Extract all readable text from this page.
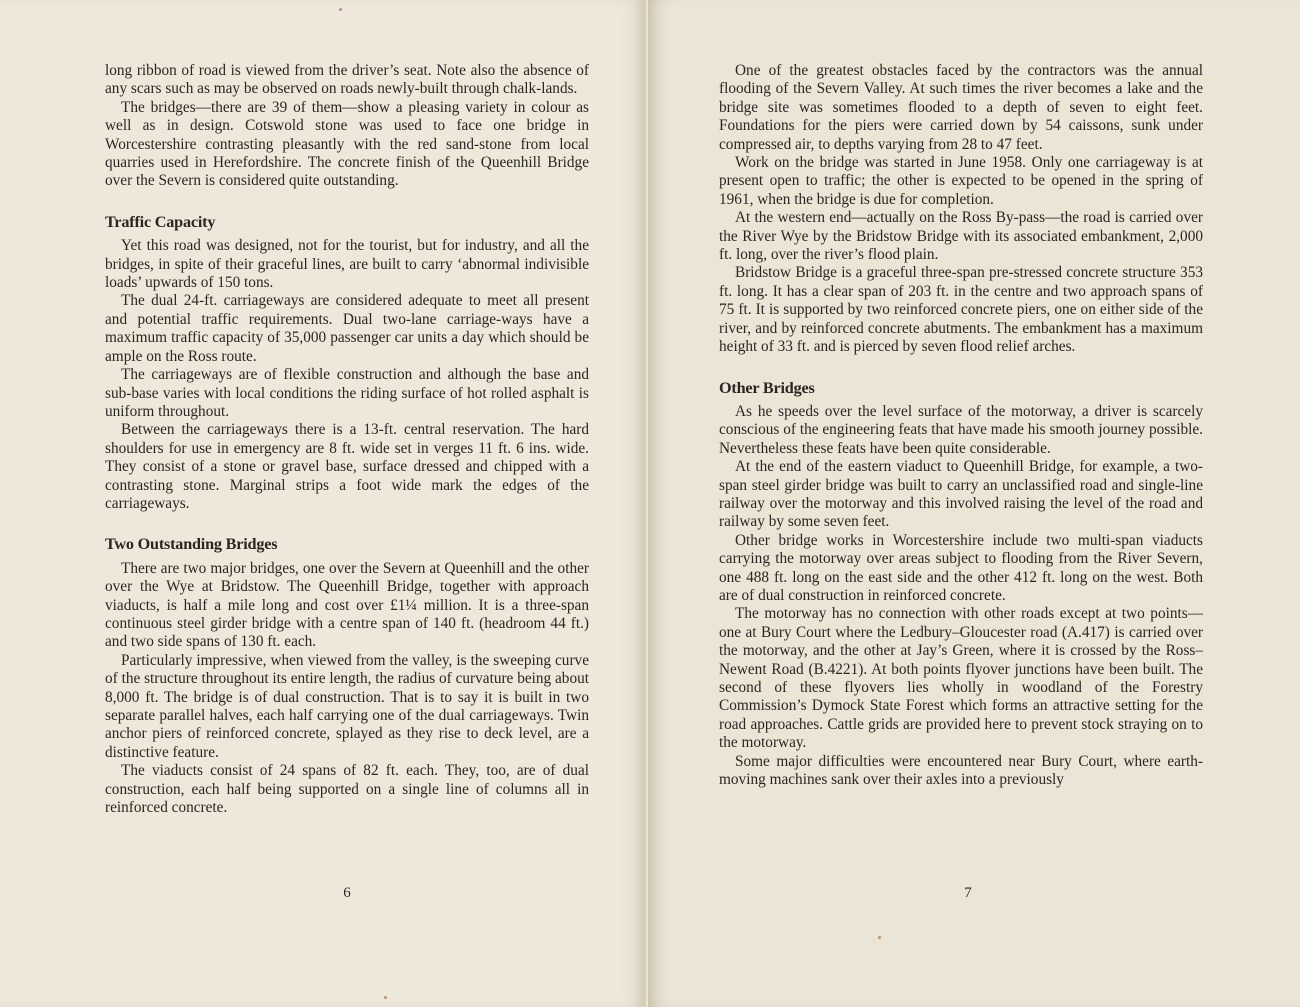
long ribbon of road is viewed from the driver’s seat. Note also the absence of any scars such as may be observed on roads newly-built through chalk-lands.

The bridges—there are 39 of them—show a pleasing variety in colour as well as in design. Cotswold stone was used to face one bridge in Worcestershire contrasting pleasantly with the red sand-stone from local quarries used in Herefordshire. The concrete finish of the Queenhill Bridge over the Severn is considered quite outstanding.

Traffic Capacity

Yet this road was designed, not for the tourist, but for industry, and all the bridges, in spite of their graceful lines, are built to carry ‘abnormal indivisible loads’ upwards of 150 tons.

The dual 24-ft. carriageways are considered adequate to meet all present and potential traffic requirements. Dual two-lane carriage-ways have a maximum traffic capacity of 35,000 passenger car units a day which should be ample on the Ross route.

The carriageways are of flexible construction and although the base and sub-base varies with local conditions the riding surface of hot rolled asphalt is uniform throughout.

Between the carriageways there is a 13-ft. central reservation. The hard shoulders for use in emergency are 8 ft. wide set in verges 11 ft. 6 ins. wide. They consist of a stone or gravel base, surface dressed and chipped with a contrasting stone. Marginal strips a foot wide mark the edges of the carriageways.

Two Outstanding Bridges

There are two major bridges, one over the Severn at Queenhill and the other over the Wye at Bridstow. The Queenhill Bridge, together with approach viaducts, is half a mile long and cost over £1¼ million. It is a three-span continuous steel girder bridge with a centre span of 140 ft. (headroom 44 ft.) and two side spans of 130 ft. each.

Particularly impressive, when viewed from the valley, is the sweeping curve of the structure throughout its entire length, the radius of curvature being about 8,000 ft. The bridge is of dual construction. That is to say it is built in two separate parallel halves, each half carrying one of the dual carriageways. Twin anchor piers of reinforced concrete, splayed as they rise to deck level, are a distinctive feature.

The viaducts consist of 24 spans of 82 ft. each. They, too, are of dual construction, each half being supported on a single line of columns all in reinforced concrete.

6

One of the greatest obstacles faced by the contractors was the annual flooding of the Severn Valley. At such times the river becomes a lake and the bridge site was sometimes flooded to a depth of seven to eight feet. Foundations for the piers were carried down by 54 caissons, sunk under compressed air, to depths varying from 28 to 47 feet.

Work on the bridge was started in June 1958. Only one carriageway is at present open to traffic; the other is expected to be opened in the spring of 1961, when the bridge is due for completion.

At the western end—actually on the Ross By-pass—the road is carried over the River Wye by the Bridstow Bridge with its associated embankment, 2,000 ft. long, over the river’s flood plain.

Bridstow Bridge is a graceful three-span pre-stressed concrete structure 353 ft. long. It has a clear span of 203 ft. in the centre and two approach spans of 75 ft. It is supported by two reinforced concrete piers, one on either side of the river, and by reinforced concrete abutments. The embankment has a maximum height of 33 ft. and is pierced by seven flood relief arches.

Other Bridges

As he speeds over the level surface of the motorway, a driver is scarcely conscious of the engineering feats that have made his smooth journey possible. Nevertheless these feats have been quite considerable.

At the end of the eastern viaduct to Queenhill Bridge, for example, a two-span steel girder bridge was built to carry an unclassified road and single-line railway over the motorway and this involved raising the level of the road and railway by some seven feet.

Other bridge works in Worcestershire include two multi-span viaducts carrying the motorway over areas subject to flooding from the River Severn, one 488 ft. long on the east side and the other 412 ft. long on the west. Both are of dual construction in reinforced concrete.

The motorway has no connection with other roads except at two points—one at Bury Court where the Ledbury–Gloucester road (A.417) is carried over the motorway, and the other at Jay’s Green, where it is crossed by the Ross–Newent Road (B.4221). At both points flyover junctions have been built. The second of these flyovers lies wholly in woodland of the Forestry Commission’s Dymock State Forest which forms an attractive setting for the road approaches. Cattle grids are provided here to prevent stock straying on to the motorway.

Some major difficulties were encountered near Bury Court, where earth-moving machines sank over their axles into a previously

7
